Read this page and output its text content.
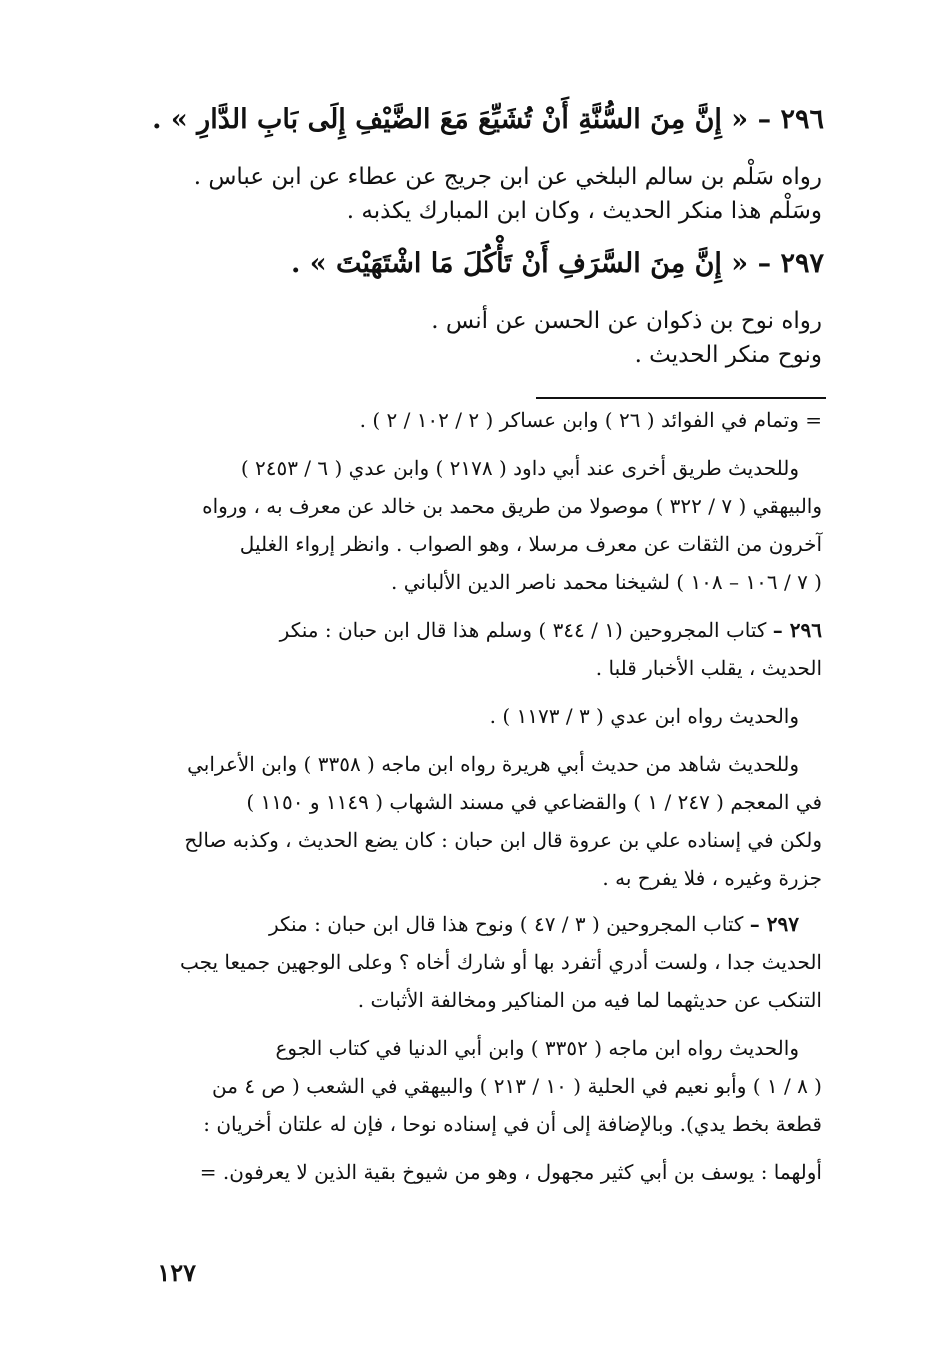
٢٩٦ – « إِنَّ مِنَ السُّنَّةِ أَنْ تُشَيِّعَ مَعَ الضَّيْفِ إِلَى بَابِ الدَّارِ » .
رواه سَلْم بن سالم البلخي عن ابن جريج عن عطاء عن ابن عباس .
وسَلْم هذا منكر الحديث ، وكان ابن المبارك يكذبه .
٢٩٧ – « إِنَّ مِنَ السَّرَفِ أَنْ تَأْكُلَ مَا اشْتَهَيْتَ » .
رواه نوح بن ذكوان عن الحسن عن أنس .
ونوح منكر الحديث .
= وتمام في الفوائد ( ٢٦ ) وابن عساكر ( ٢ / ١٠٢ / ٢ ) .
وللحديث طريق أخرى عند أبي داود ( ٢١٧٨ ) وابن عدي ( ٦ / ٢٤٥٣ )
والبيهقي ( ٧ / ٣٢٢ ) موصولا من طريق محمد بن خالد عن معرف به ، ورواه
آخرون من الثقات عن معرف مرسلا ، وهو الصواب . وانظر إرواء الغليل
( ٧ / ١٠٦ – ١٠٨ ) لشيخنا محمد ناصر الدين الألباني .
٢٩٦ – كتاب المجروحين (١ / ٣٤٤ ) وسلم هذا قال ابن حبان : منكر
الحديث ، يقلب الأخبار قلبا .
والحديث رواه ابن عدي ( ٣ / ١١٧٣ ) .
وللحديث شاهد من حديث أبي هريرة رواه ابن ماجه ( ٣٣٥٨ ) وابن الأعرابي
في المعجم ( ٢٤٧ / ١ ) والقضاعي في مسند الشهاب ( ١١٤٩ و ١١٥٠ )
ولكن في إسناده علي بن عروة قال ابن حبان : كان يضع الحديث ، وكذبه صالح
جزرة وغيره ، فلا يفرح به .
٢٩٧ – كتاب المجروحين ( ٣ / ٤٧ ) ونوح هذا قال ابن حبان : منكر
الحديث جدا ، ولست أدري أتفرد بها أو شارك أخاه ؟ وعلى الوجهين جميعا يجب
التنكب عن حديثهما لما فيه من المناكير ومخالفة الأثبات .
والحديث رواه ابن ماجه ( ٣٣٥٢ ) وابن أبي الدنيا في كتاب الجوع
( ٨ / ١ ) وأبو نعيم في الحلية ( ١٠ / ٢١٣ ) والبيهقي في الشعب ( ص ٤ من
قطعة بخط يدي). وبالإضافة إلى أن في إسناده نوحا ، فإن له علتان أخريان :
أولهما : يوسف بن أبي كثير مجهول ، وهو من شيوخ بقية الذين لا يعرفون. =
١٢٧
